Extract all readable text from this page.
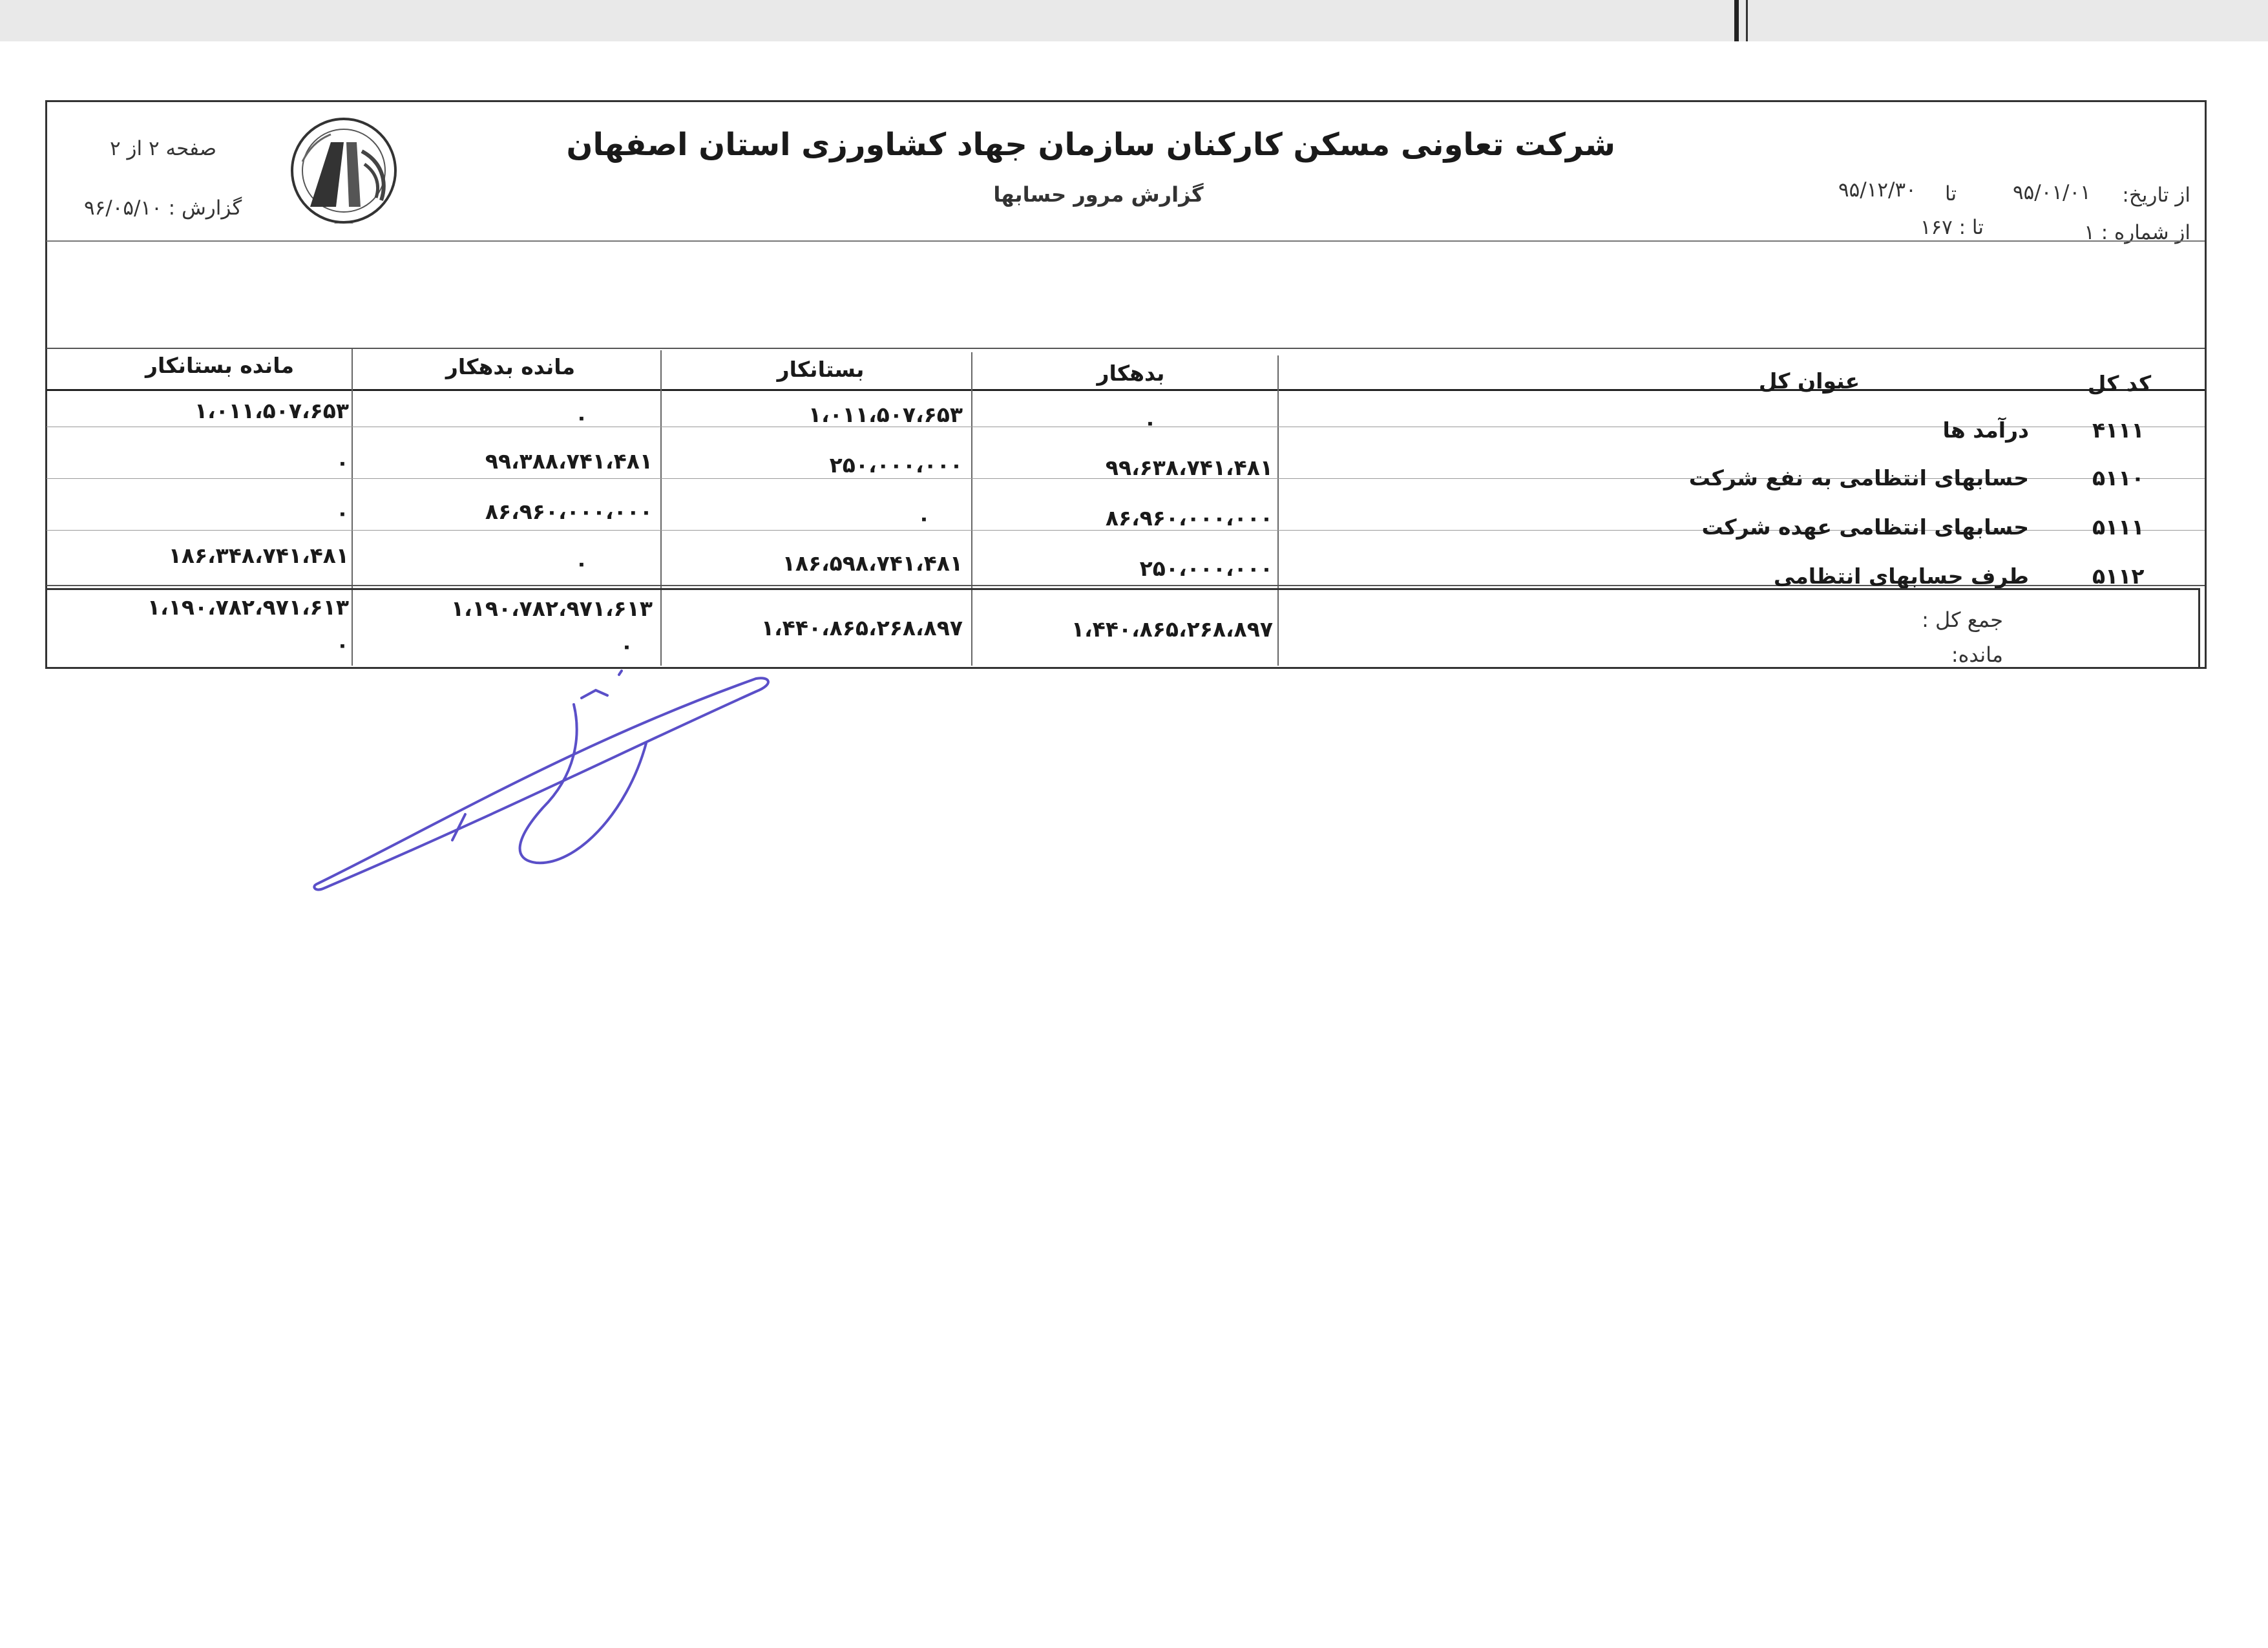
———
شرکت تعاونی مسکن کارکنان سازمان جهاد کشاورزی استان اصفهان
گزارش مرور حسابها
صفحه ۲ از ۲
گزارش : ۹۶/۰۵/۱۰
از تاریخ:
۹۵/۰۱/۰۱
تا
۹۵/۱۲/۳۰
از شماره : ۱
تا : ۱۶۷
کد کل
عنوان کل
بدهکار
بستانکار
مانده بدهکار
مانده بستانکار
۴۱۱۱
درآمد ها
۰
۱،۰۱۱،۵۰۷،۶۵۳
۰
۱،۰۱۱،۵۰۷،۶۵۳
۵۱۱۰
حسابهای انتظامی به نفع شرکت
۹۹،۶۳۸،۷۴۱،۴۸۱
۲۵۰،۰۰۰،۰۰۰
۹۹،۳۸۸،۷۴۱،۴۸۱
۰
۵۱۱۱
حسابهای انتظامی عهده شرکت
۸۶،۹۶۰،۰۰۰،۰۰۰
۰
۸۶،۹۶۰،۰۰۰،۰۰۰
۰
۵۱۱۲
طرف حسابهای انتظامی
۲۵۰،۰۰۰،۰۰۰
۱۸۶،۵۹۸،۷۴۱،۴۸۱
۰
۱۸۶،۳۴۸،۷۴۱،۴۸۱
جمع کل :
مانده:
۱،۴۴۰،۸۶۵،۲۶۸،۸۹۷
۱،۴۴۰،۸۶۵،۲۶۸،۸۹۷
۱،۱۹۰،۷۸۲،۹۷۱،۶۱۳
۱،۱۹۰،۷۸۲،۹۷۱،۶۱۳
۰
۰
